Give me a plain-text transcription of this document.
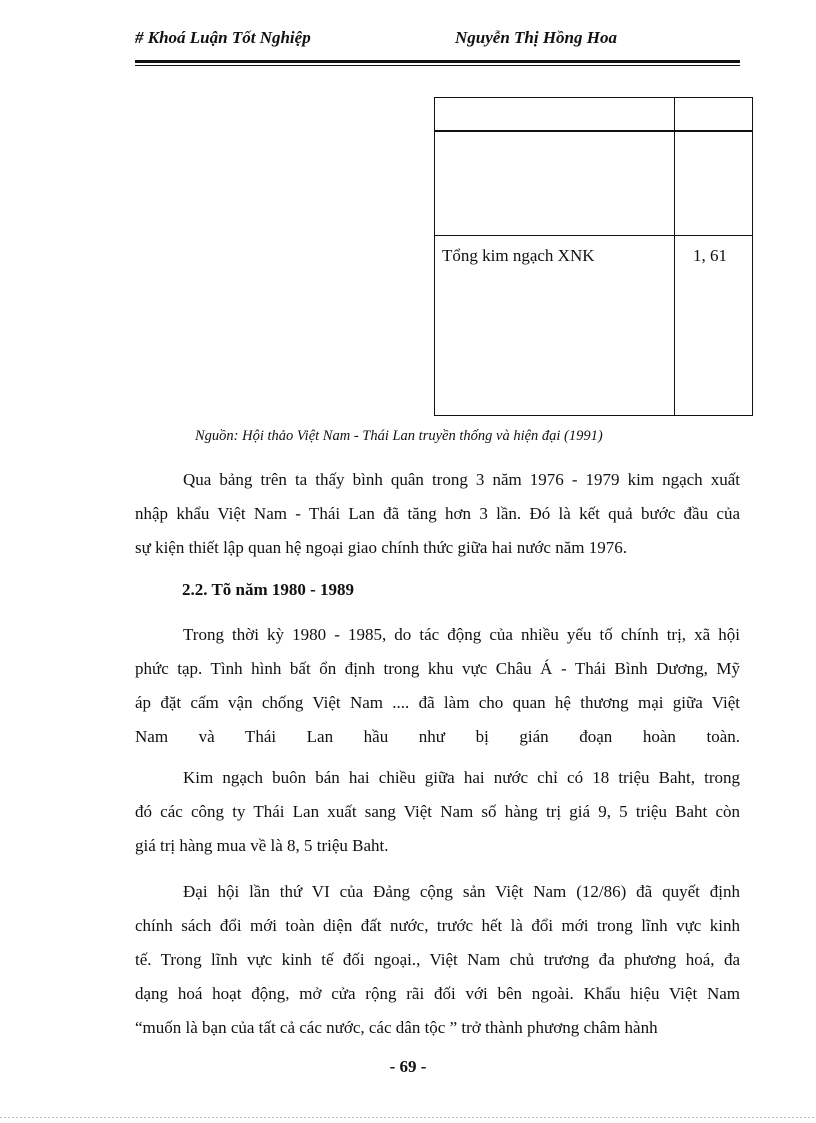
# Khoá Luận Tốt Nghiệp	Nguyễn Thị Hồng Hoa
Tổng kim ngạch XNK	1, 61
Nguồn: Hội thảo Việt Nam - Thái Lan truyền thống và hiện đại (1991)
Qua bảng trên ta thấy bình quân trong 3 năm 1976 - 1979 kim ngạch xuất
nhập khẩu Việt Nam - Thái Lan đã tăng hơn 3 lần. Đó là kết quả bước đầu của
sự kiện thiết lập quan hệ ngoại giao chính thức giữa hai nước năm 1976.
2.2. Tõ năm 1980 - 1989
Trong thời kỳ 1980 - 1985, do tác động của nhiều yếu tố chính trị, xã hội
phức tạp. Tình hình bất ổn định trong khu vực Châu Á - Thái Bình Dương, Mỹ
áp đặt cấm vận chống Việt Nam .... đã làm cho quan hệ thương mại giữa Việt
Nam và Thái Lan hầu như bị gián đoạn hoàn toàn.
Kim ngạch buôn bán hai chiều giữa hai nước chỉ có 18 triệu Baht, trong
đó các công ty Thái Lan xuất sang Việt Nam số hàng trị giá 9, 5 triệu Baht còn
giá trị hàng mua về là 8, 5 triệu Baht.
Đại hội lần thứ VI của Đảng cộng sản Việt Nam (12/86) đã quyết định
chính sách đổi mới toàn diện đất nước, trước hết là đổi mới trong lĩnh vực kinh
tế. Trong lĩnh vực kinh tế đối ngoại., Việt Nam chủ trương đa phương hoá, đa
dạng hoá hoạt động, mở cửa rộng rãi đối với bên ngoài. Khẩu hiệu Việt Nam
“muốn là bạn của tất cả các nước, các dân tộc ” trở thành phương châm hành
- 69 -
